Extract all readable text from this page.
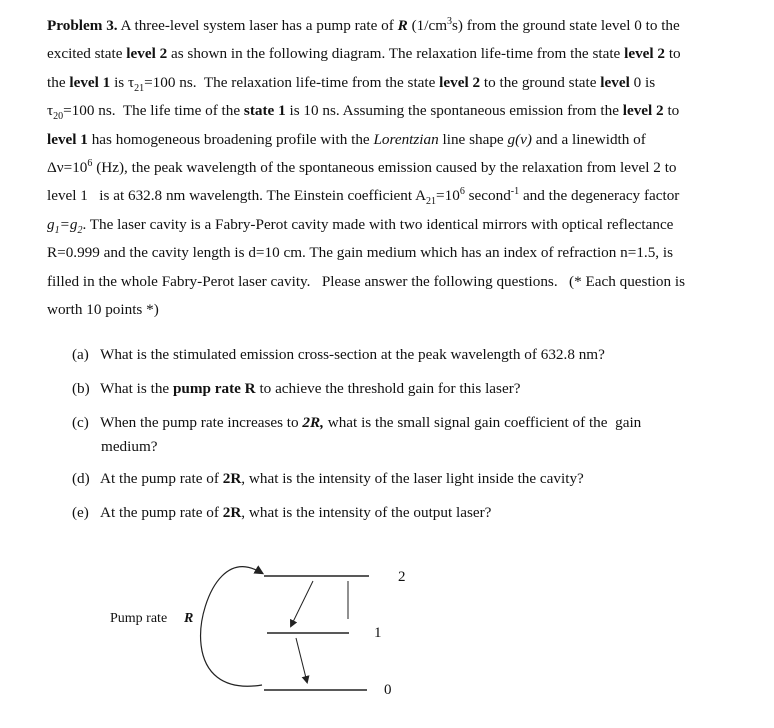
Problem 3. A three-level system laser has a pump rate of R $(1/cm^3s)$ from the ground state level 0 to the
excited state level 2 as shown in the following diagram. The relaxation life-time from the state level 2 to
the level 1 is $\tau_{21}=100$ ns.  The relaxation life-time from the state level 2 to the ground state level 0 is
$\tau_{20}=100$ ns.  The life time of the state 1 is 10 ns. Assuming the spontaneous emission from the level 2 to
level 1 has homogeneous broadening profile with the Lorentzian line shape g(ν) and a linewidth of
$\Delta\nu=10^6$ (Hz), the peak wavelength of the spontaneous emission caused by the relaxation from level 2 to
level 1   is at 632.8 nm wavelength. The Einstein coefficient $A_{21}=10^6$ second$^{-1}$ and the degeneracy factor
$g_1=g_2$. The laser cavity is a Fabry-Perot cavity made with two identical mirrors with optical reflectance
R=0.999 and the cavity length is d=10 cm. The gain medium which has an index of refraction n=1.5, is
filled in the whole Fabry-Perot laser cavity.   Please answer the following questions.   (* Each question is
worth 10 points *)
(a) What is the stimulated emission cross-section at the peak wavelength of 632.8 nm?
(b) What is the pump rate R to achieve the threshold gain for this laser?
(c) When the pump rate increases to 2R, what is the small signal gain coefficient of the  gain
medium?
(d) At the pump rate of 2R, what is the intensity of the laser light inside the cavity?
(e) At the pump rate of 2R, what is the intensity of the output laser?
2
1
0
Pump rate R
